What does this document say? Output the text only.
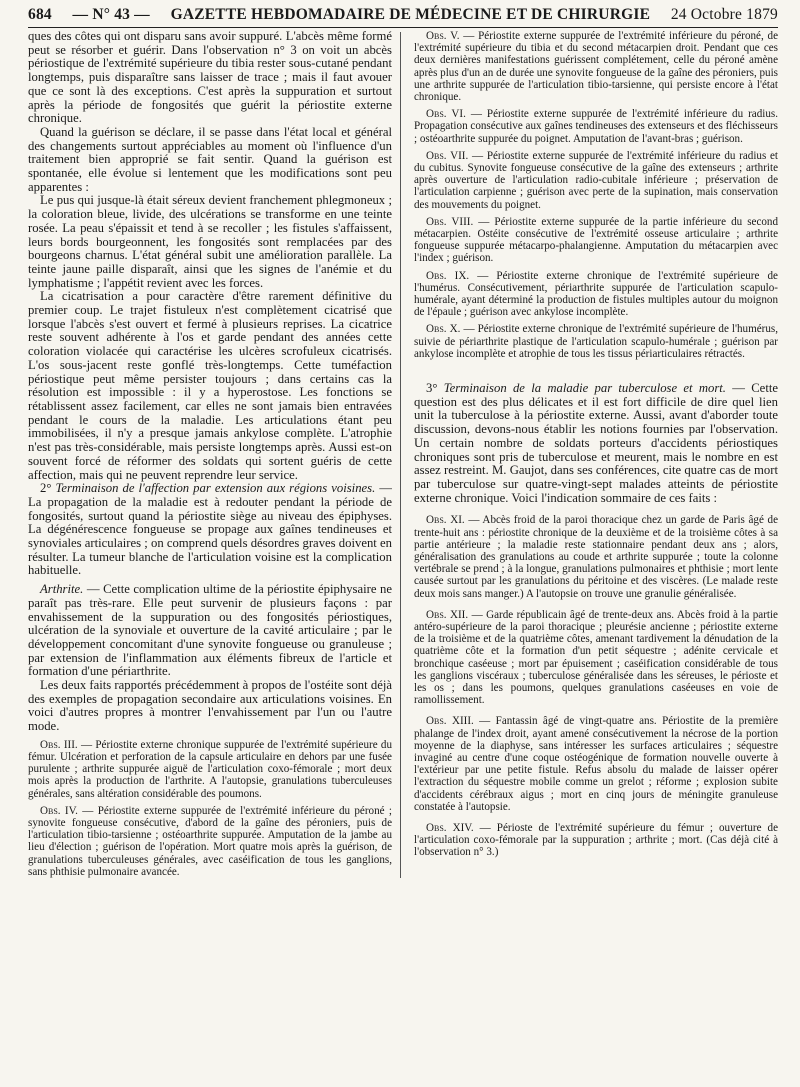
684 — N° 43 — GAZETTE HEBDOMADAIRE DE MÉDECINE ET DE CHIRURGIE 24 Octobre 1879

ques des côtes qui ont disparu sans avoir suppuré. L'abcès même formé peut se résorber et guérir. Dans l'observation n° 3 on voit un abcès périostique de l'extrémité supérieure du tibia rester sous-cutané pendant longtemps, puis disparaître sans laisser de trace ; mais il faut avouer que ce sont là des exceptions. C'est après la suppuration et surtout après la période de fongosités que guérit la périostite externe chronique.

Quand la guérison se déclare, il se passe dans l'état local et général des changements surtout appréciables au moment où l'influence d'un traitement bien approprié se fait sentir. Quand la guérison est spontanée, elle évolue si lentement que les modifications sont peu apparentes :

Le pus qui jusque-là était séreux devient franchement phlegmoneux ; la coloration bleue, livide, des ulcérations se transforme en une teinte rosée. La peau s'épaissit et tend à se recoller ; les fistules s'affaissent, leurs bords bourgeonnent, les fongosités sont remplacées par des bourgeons charnus. L'état général subit une amélioration parallèle. La teinte jaune paille disparaît, ainsi que les signes de l'anémie et du lymphatisme ; l'appétit revient avec les forces.

La cicatrisation a pour caractère d'être rarement définitive du premier coup. Le trajet fistuleux n'est complètement cicatrisé que lorsque l'abcès s'est ouvert et fermé à plusieurs reprises. La cicatrice reste souvent adhérente à l'os et garde pendant des années cette coloration violacée qui caractérise les ulcères scrofuleux cicatrisés. L'os sous-jacent reste gonflé très-longtemps. Cette tuméfaction périostique peut même persister toujours ; dans certains cas la résolution est impossible : il y a hyperostose. Les fonctions se rétablissent assez facilement, car elles ne sont jamais bien entravées pendant le cours de la maladie. Les articulations étant peu immobilisées, il n'y a presque jamais ankylose complète. L'atrophie n'est pas très-considérable, mais persiste longtemps après. Aussi est-on souvent forcé de réformer des soldats qui sortent guéris de cette affection, mais qui ne peuvent reprendre leur service.

2° Terminaison de l'affection par extension aux régions voisines. — La propagation de la maladie est à redouter pendant la période de fongosités, surtout quand la périostite siège au niveau des épiphyses. La dégénérescence fongueuse se propage aux gaînes tendineuses et synoviales articulaires ; on comprend quels désordres graves doivent en résulter. La tumeur blanche de l'articulation voisine est la complication habituelle.

Arthrite. — Cette complication ultime de la périostite épiphysaire ne paraît pas très-rare. Elle peut survenir de plusieurs façons : par envahissement de la suppuration ou des fongosités périostiques, ulcération de la synoviale et ouverture de la cavité articulaire ; par le développement concomitant d'une synovite fongueuse ou granuleuse ; par extension de l'inflammation aux éléments fibreux de l'article et formation d'une périarthrite.

Les deux faits rapportés précédemment à propos de l'ostéite sont déjà des exemples de propagation secondaire aux articulations voisines. En voici d'autres propres à montrer l'envahissement par l'un ou l'autre mode.

Obs. III. — Périostite externe chronique suppurée de l'extrémité supérieure du fémur. Ulcération et perforation de la capsule articulaire en dehors par une fusée purulente ; arthrite suppurée aiguë de l'articulation coxo-fémorale ; mort deux mois après la production de l'arthrite. A l'autopsie, granulations tuberculeuses générales, sans altération considérable des poumons.

Obs. IV. — Périostite externe suppurée de l'extrémité inférieure du péroné ; synovite fongueuse consécutive, d'abord de la gaîne des péroniers, puis de l'articulation tibio-tarsienne ; ostéoarthrite suppurée. Amputation de la jambe au lieu d'élection ; guérison de l'opération. Mort quatre mois après la guérison, de granulations tuberculeuses générales, avec caséification de tous les ganglions, sans phthisie pulmonaire avancée.

Obs. V. — Périostite externe suppurée de l'extrémité inférieure du péroné, de l'extrémité supérieure du tibia et du second métacarpien droit. Pendant que ces deux dernières manifestations guérissent complétement, celle du péroné amène après plus d'un an de durée une synovite fongueuse de la gaîne des péroniers, puis une arthrite suppurée de l'articulation tibio-tarsienne, qui persiste encore à l'état chronique.

Obs. VI. — Périostite externe suppurée de l'extrémité inférieure du radius. Propagation consécutive aux gaînes tendineuses des extenseurs et des fléchisseurs ; ostéoarthrite suppurée du poignet. Amputation de l'avant-bras ; guérison.

Obs. VII. — Périostite externe suppurée de l'extrémité inférieure du radius et du cubitus. Synovite fongueuse consécutive de la gaîne des extenseurs ; arthrite après ouverture de l'articulation radio-cubitale inférieure ; préservation de l'articulation carpienne ; guérison avec perte de la supination, mais conservation des mouvements du poignet.

Obs. VIII. — Périostite externe suppurée de la partie inférieure du second métacarpien. Ostéite consécutive de l'extrémité osseuse articulaire ; arthrite fongueuse suppurée métacarpo-phalangienne. Amputation du métacarpien avec l'index ; guérison.

Obs. IX. — Périostite externe chronique de l'extrémité supérieure de l'humérus. Consécutivement, périarthrite suppurée de l'articulation scapulo-humérale, ayant déterminé la production de fistules multiples autour du moignon de l'épaule ; guérison avec ankylose incomplète.

Obs. X. — Périostite externe chronique de l'extrémité supérieure de l'humérus, suivie de périarthrite plastique de l'articulation scapulo-humérale ; guérison par ankylose incomplète et atrophie de tous les tissus périarticulaires rétractés.

3° Terminaison de la maladie par tuberculose et mort. — Cette question est des plus délicates et il est fort difficile de dire quel lien unit la tuberculose à la périostite externe. Aussi, avant d'aborder toute discussion, devons-nous établir les notions fournies par l'observation. Un certain nombre de soldats porteurs d'accidents périostiques chroniques sont pris de tuberculose et meurent, mais le nombre en est assez restreint. M. Gaujot, dans ses conférences, cite quatre cas de mort par tuberculose sur quatre-vingt-sept malades atteints de périostite externe chronique. Voici l'indication sommaire de ces faits :

Obs. XI. — Abcès froid de la paroi thoracique chez un garde de Paris âgé de trente-huit ans : périostite chronique de la deuxième et de la troisième côtes à sa partie antérieure ; la maladie reste stationnaire pendant deux ans ; alors, généralisation des granulations au coude et arthrite suppurée ; toute la colonne vertébrale se prend ; à la longue, granulations pulmonaires et phthisie ; mort lente causée surtout par les granulations du péritoine et des viscères. (Le malade reste deux mois sans manger.) A l'autopsie on trouve une granulie généralisée.

Obs. XII. — Garde républicain âgé de trente-deux ans. Abcès froid à la partie antéro-supérieure de la paroi thoracique ; pleurésie ancienne ; périostite externe de la troisième et de la quatrième côtes, amenant tardivement la dénudation de la quatrième côte et la formation d'un petit séquestre ; adénite cervicale et bronchique caséeuse ; mort par épuisement ; caséification considérable de tous les ganglions viscéraux ; tuberculose généralisée dans les séreuses, le périoste et les os ; dans les poumons, quelques granulations caséeuses en voie de ramollissement.

Obs. XIII. — Fantassin âgé de vingt-quatre ans. Périostite de la première phalange de l'index droit, ayant amené consécutivement la nécrose de la portion moyenne de la diaphyse, sans intéresser les surfaces articulaires ; séquestre invaginé au centre d'une coque ostéogénique de formation nouvelle ouverte à l'extérieur par une petite fistule. Refus absolu du malade de laisser opérer l'extraction du séquestre mobile comme un grelot ; réforme ; explosion subite d'accidents cérébraux aigus ; mort en cinq jours de méningite granuleuse constatée à l'autopsie.

Obs. XIV. — Périoste de l'extrémité supérieure du fémur ; ouverture de l'articulation coxo-fémorale par la suppuration ; arthrite ; mort. (Cas déjà cité à l'observation n° 3.)
